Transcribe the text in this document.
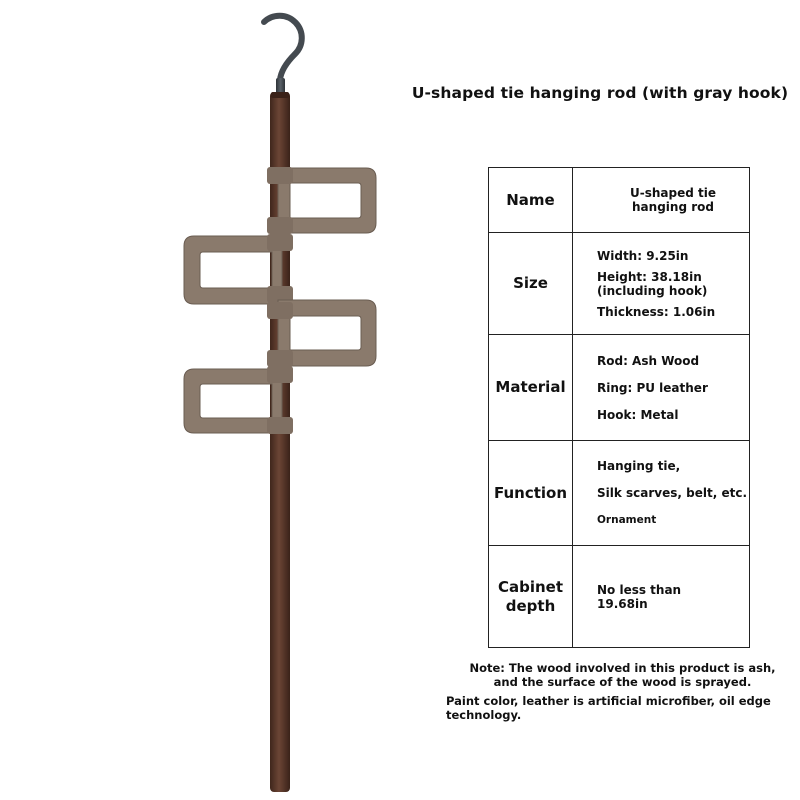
U-shaped tie hanging rod (with gray hook)
Name	U-shaped tie
hanging rod

Size	Width: 9.25in
Height: 38.18in
(including hook)
Thickness: 1.06in

Material	Rod: Ash Wood
Ring: PU leather
Hook: Metal

Function	Hanging tie,
Silk scarves, belt, etc.
Ornament

Cabinet
depth	No less than
19.68in
Note: The wood involved in this product is ash,
and the surface of the wood is sprayed.
Paint color, leather is artificial microfiber, oil edge technology.
